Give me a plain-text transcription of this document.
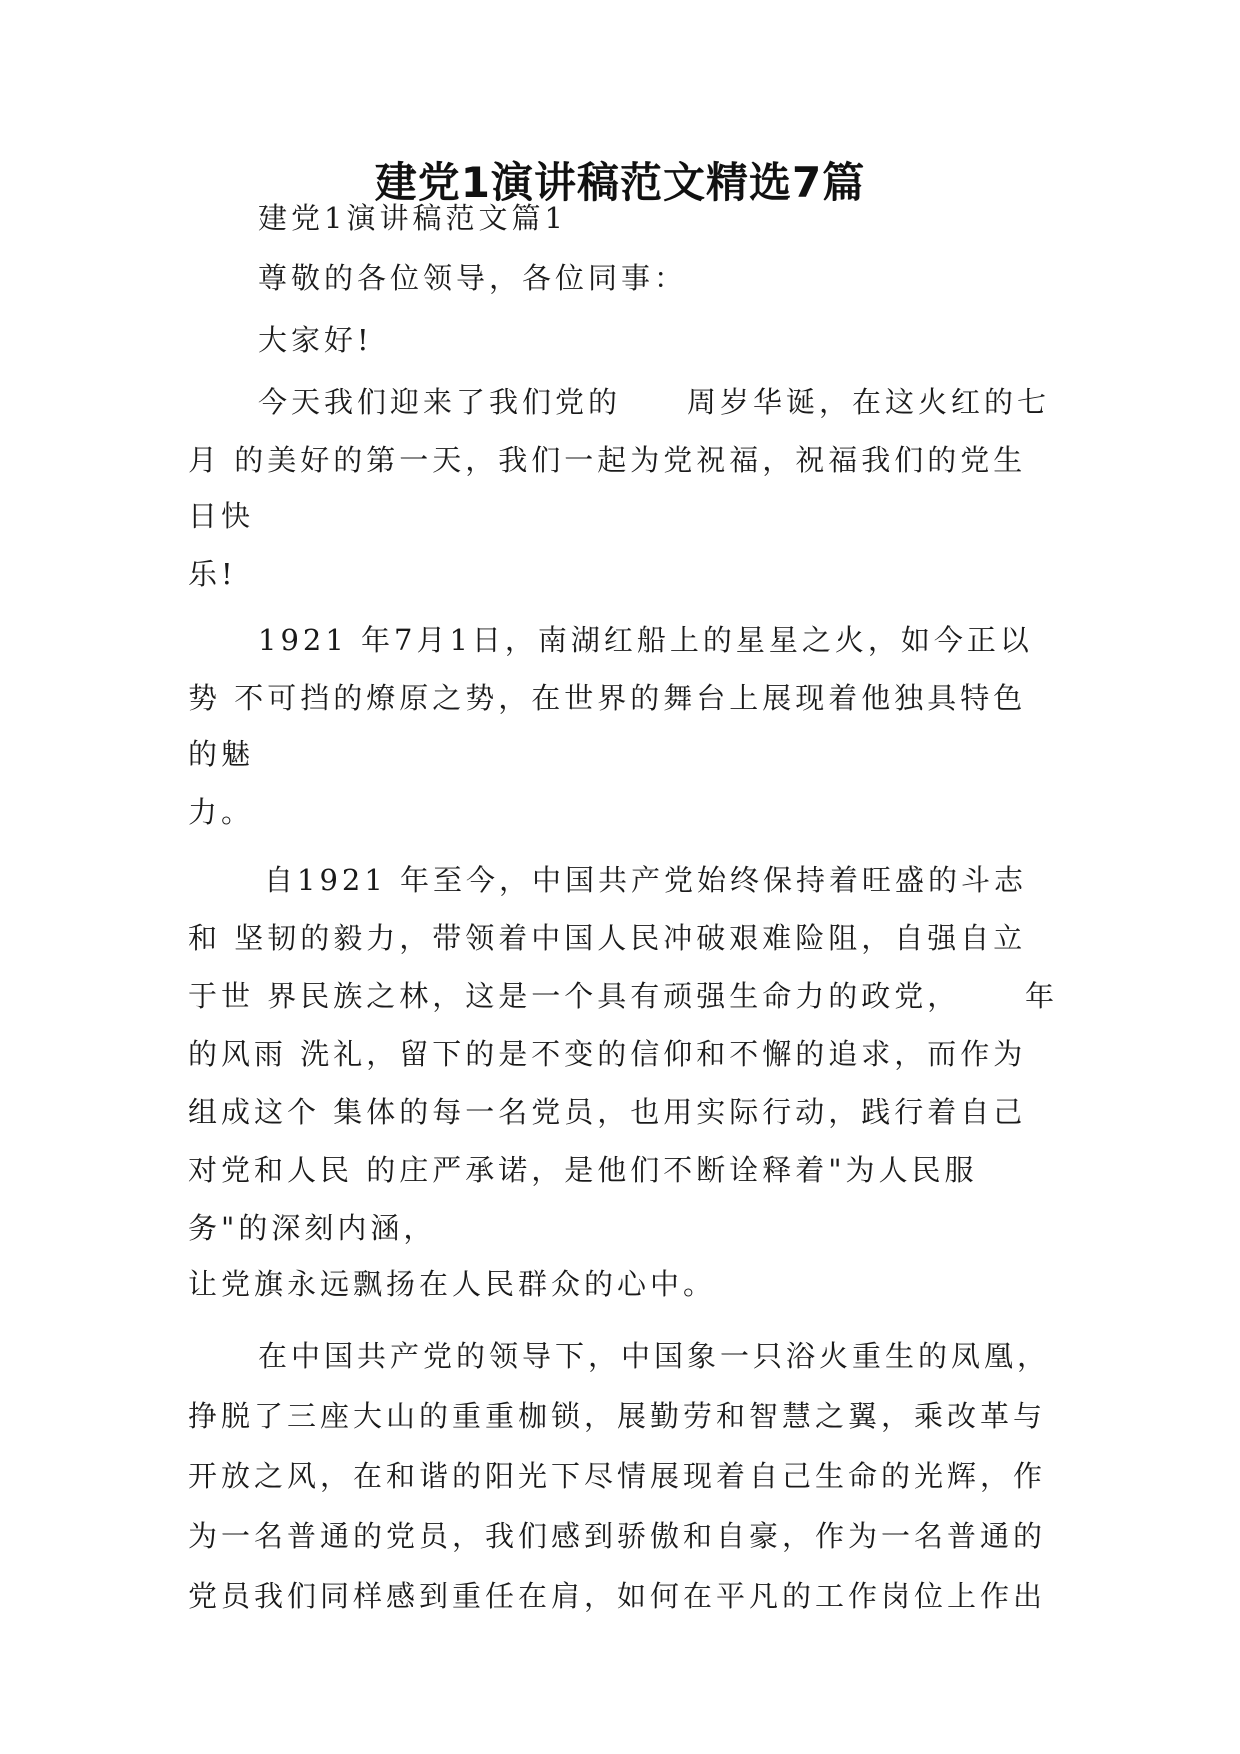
建党1演讲稿范文精选7篇

建党1演讲稿范文篇1

尊敬的各位领导，各位同事：

大家好!

今天我们迎来了我们党的　　周岁华诞，在这火红的七

月 的美好的第一天，我们一起为党祝福，祝福我们的党生

日快

乐!

1921 年7月1日，南湖红船上的星星之火，如今正以

势 不可挡的燎原之势，在世界的舞台上展现着他独具特色

的魅

力。

自1921 年至今，中国共产党始终保持着旺盛的斗志

和 坚韧的毅力，带领着中国人民冲破艰难险阻，自强自立

于世 界民族之林，这是一个具有顽强生命力的政党，　　 年

的风雨 洗礼，留下的是不变的信仰和不懈的追求，而作为

组成这个 集体的每一名党员，也用实际行动，践行着自己

对党和人民 的庄严承诺，是他们不断诠释着"为人民服

务"的深刻内涵，

让党旗永远飘扬在人民群众的心中。

在中国共产党的领导下，中国象一只浴火重生的凤凰，

挣脱了三座大山的重重枷锁，展勤劳和智慧之翼，乘改革与

开放之风，在和谐的阳光下尽情展现着自己生命的光辉，作

为一名普通的党员，我们感到骄傲和自豪，作为一名普通的

党员我们同样感到重任在肩，如何在平凡的工作岗位上作出
